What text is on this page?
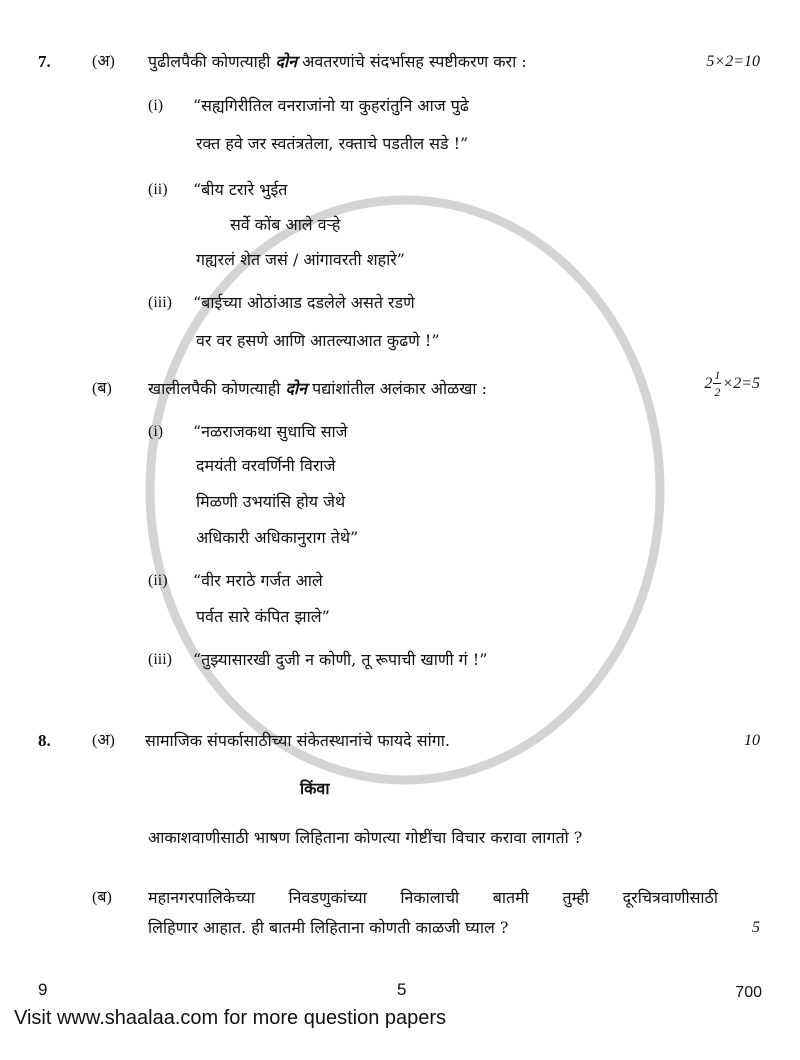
7.	(अ) पुढीलपैकी कोणत्याही दोन अवतरणांचे संदर्भासह स्पष्टीकरण करा :	5×2=10
(i) “सह्यगिरीतिल वनराजांनो या कुहरांतुनि आज पुढे
रक्त हवे जर स्वतंत्रतेला, रक्ताचे पडतील सडे !”
(ii) “बीय टरारे भुईत
सर्वे कोंब आले वऱ्हे
गह्यरलं शेत जसं / आंगावरती शहारे”
(iii) “बाईच्या ओठांआड दडलेले असते रडणे
वर वर हसणे आणि आतल्याआत कुढणे !”
(ब) खालीलपैकी कोणत्याही दोन पद्यांशांतील अलंकार ओळखा :	2 1
2
×2=5
(i) “नळराजकथा सुधाचि साजे
दमयंती वरवर्णिनी विराजे
मिळणी उभयांसि होय जेथे
अधिकारी अधिकानुराग तेथे”
(ii) “वीर मराठे गर्जत आले
पर्वत सारे कंपित झाले”
(iii) “तुझ्यासारखी दुजी न कोणी, तू रूपाची खाणी गं !”
8.	(अ) सामाजिक संपर्कासाठीच्या संकेतस्थानांचे फायदे सांगा.	10
किंवा
आकाशवाणीसाठी भाषण लिहिताना कोणत्या गोष्टींचा विचार करावा लागतो ?
(ब) महानगरपालिकेच्या निवडणुकांच्या निकालाची बातमी तुम्ही दूरचित्रवाणीसाठी
लिहिणार आहात. ही बातमी लिहिताना कोणती काळजी घ्याल ?	5
9	5	700
Visit www.shaalaa.com for more question papers
